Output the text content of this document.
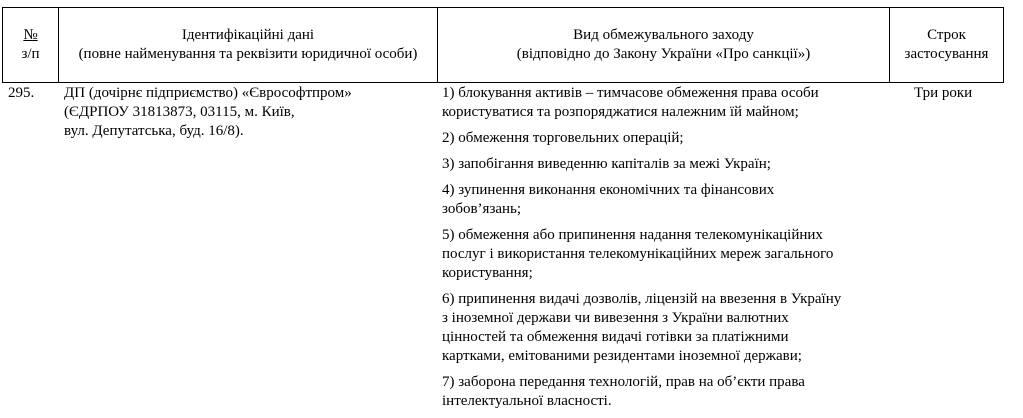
№
з/п
Ідентифікаційні дані
(повне найменування та реквізити юридичної особи)
Вид обмежувального заходу
(відповідно до Закону України «Про санкції»)
Строк
застосування
295. ДП (дочірнє підприємство) «Єврософтпром»
(ЄДРПОУ 31813873, 03115, м. Київ,
вул. Депутатська, буд. 16/8).
1) блокування активів – тимчасове обмеження права особи
користуватися та розпоряджатися належним їй майном;
2) обмеження торговельних операцій;
3) запобігання виведенню капіталів за межі Україн;
4) зупинення виконання економічних та фінансових
зобов’язань;
5) обмеження або припинення надання телекомунікаційних
послуг і використання телекомунікаційних мереж загального
користування;
6) припинення видачі дозволів, ліцензій на ввезення в Україну
з іноземної держави чи вивезення з України валютних
цінностей та обмеження видачі готівки за платіжними
картками, емітованими резидентами іноземної держави;
7) заборона передання технологій, прав на об’єкти права
інтелектуальної власності.
Три роки
